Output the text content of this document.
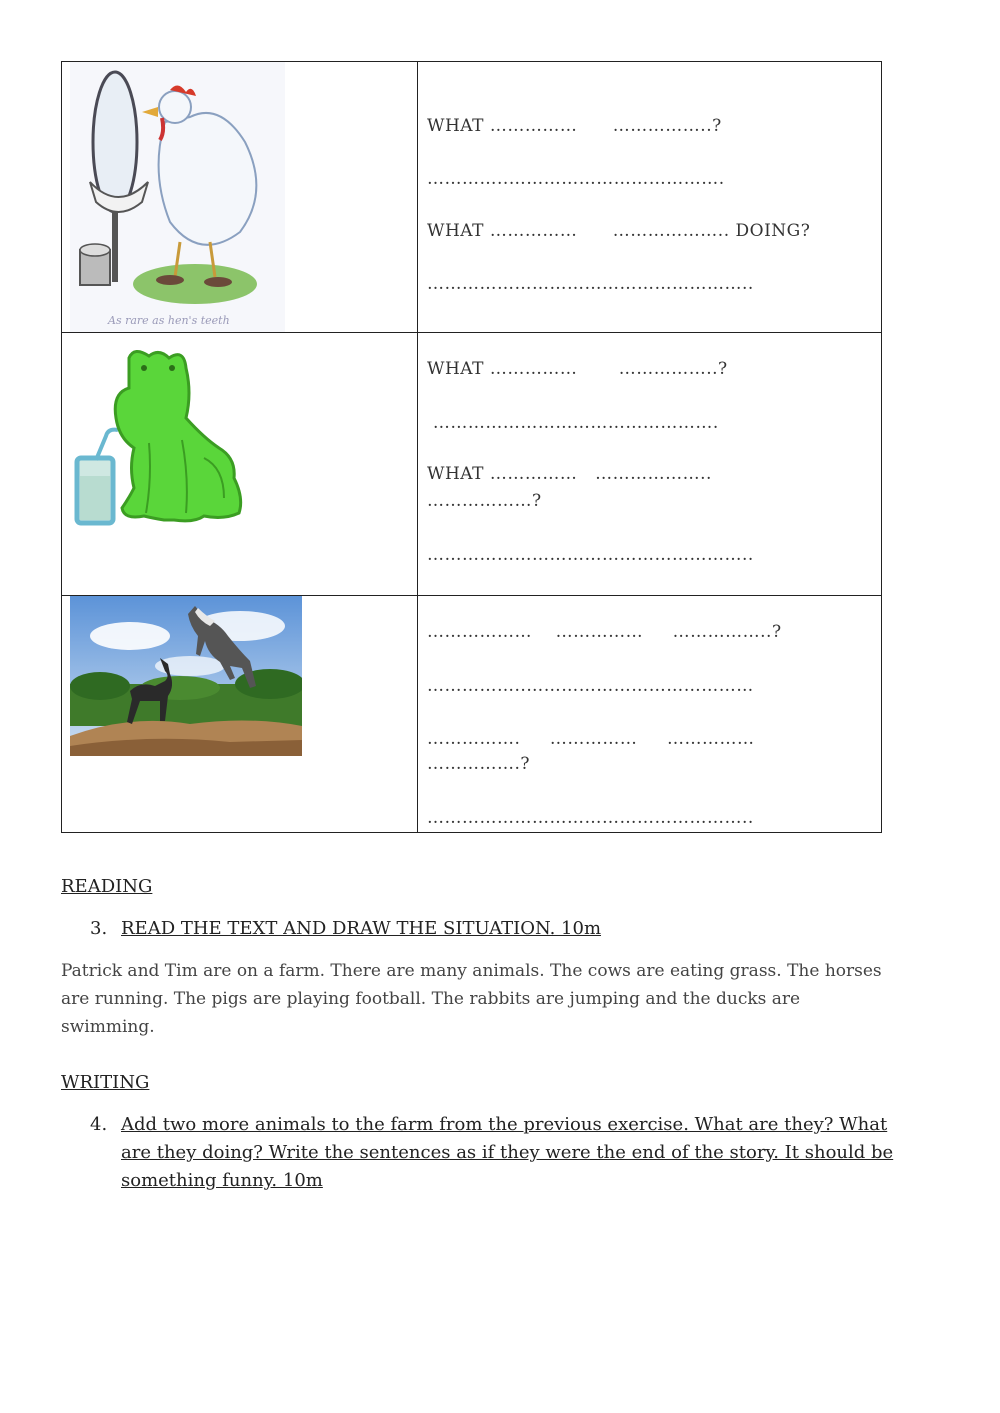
As rare as hen's teeth	WHAT ……………      ……………..?
…………..……………………………….
WHAT ……………      ……………….. DOING?
………………………………………………..

WHAT ……………       ……………..?
………………………………………….
WHAT ……………   ………………..
………………?
………………………………………………..

………………    ……………     ……………..?
……………..…………………………………
…………….     ……………     ……………
…………….?
………………………………………………..
READING
3. READ THE TEXT AND DRAW THE SITUATION. 10m
Patrick and Tim are on a farm. There are many animals. The cows are eating grass. The horses are running. The pigs are playing football. The rabbits are jumping and the ducks are swimming.
WRITING
4. Add two more animals to the farm from the previous exercise. What are they? What are they doing? Write the sentences as if they were the end of the story. It should be something funny. 10m
